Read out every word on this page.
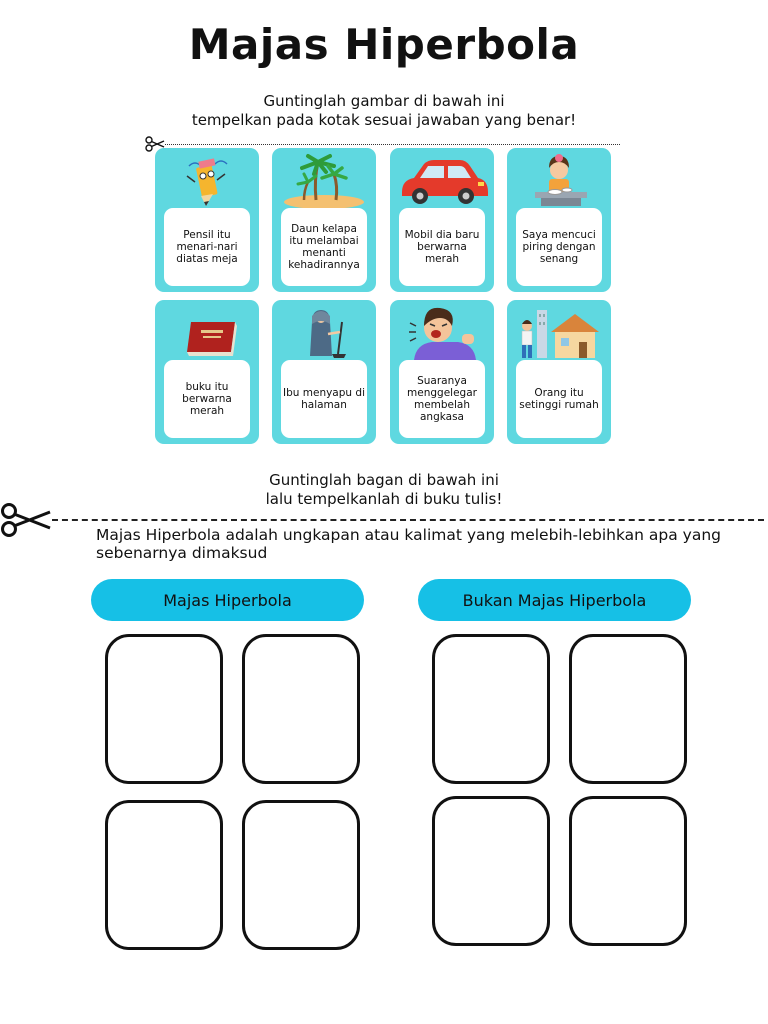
Majas Hiperbola
Guntinglah gambar di bawah ini
tempelkan pada kotak sesuai jawaban yang benar!
Pensil itu menari-nari diatas meja
Daun kelapa itu melambai menanti kehadirannya
Mobil dia baru berwarna merah
Saya mencuci piring dengan senang
buku itu berwarna merah
Ibu menyapu di halaman
Suaranya menggelegar membelah angkasa
Orang itu setinggi rumah
Guntinglah bagan di bawah ini
lalu tempelkanlah di buku tulis!
Majas Hiperbola adalah ungkapan atau kalimat yang melebih-lebihkan apa yang sebenarnya dimaksud
Majas Hiperbola	Bukan Majas Hiperbola
